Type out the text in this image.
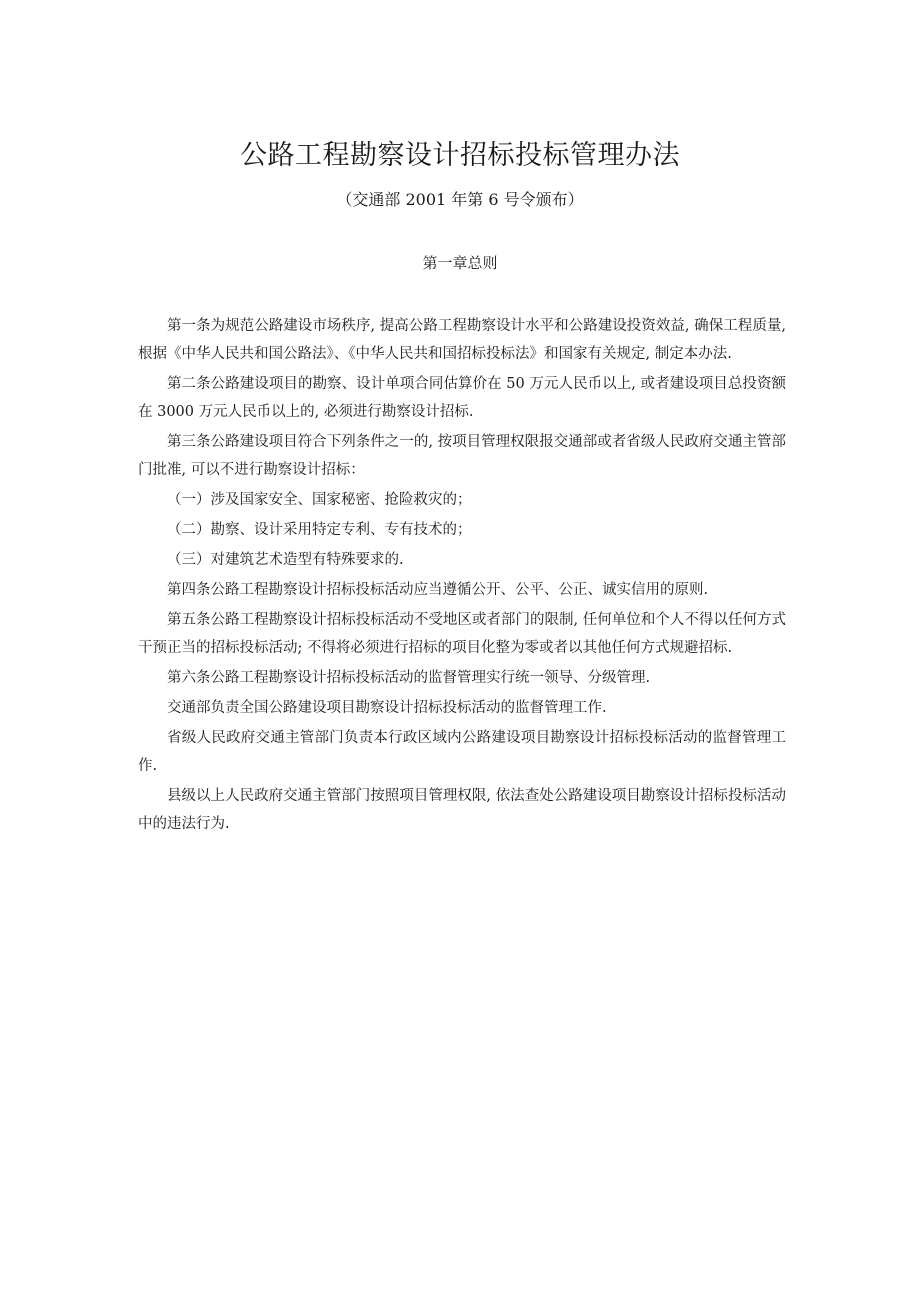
公路工程勘察设计招标投标管理办法
（交通部 2001 年第 6 号令颁布）
第一章总则

第一条为规范公路建设市场秩序, 提高公路工程勘察设计水平和公路建设投资效益, 确保工程质量, 根据《中华人民共和国公路法》、《中华人民共和国招标投标法》和国家有关规定, 制定本办法.

第二条公路建设项目的勘察、设计单项合同估算价在 50 万元人民币以上, 或者建设项目总投资额在 3000 万元人民币以上的, 必须进行勘察设计招标.

第三条公路建设项目符合下列条件之一的, 按项目管理权限报交通部或者省级人民政府交通主管部门批准, 可以不进行勘察设计招标：

（一）涉及国家安全、国家秘密、抢险救灾的；

（二）勘察、设计采用特定专利、专有技术的；

（三）对建筑艺术造型有特殊要求的.

第四条公路工程勘察设计招标投标活动应当遵循公开、公平、公正、诚实信用的原则.

第五条公路工程勘察设计招标投标活动不受地区或者部门的限制, 任何单位和个人不得以任何方式干预正当的招标投标活动; 不得将必须进行招标的项目化整为零或者以其他任何方式规避招标.

第六条公路工程勘察设计招标投标活动的监督管理实行统一领导、分级管理.

交通部负责全国公路建设项目勘察设计招标投标活动的监督管理工作.

省级人民政府交通主管部门负责本行政区域内公路建设项目勘察设计招标投标活动的监督管理工作.

县级以上人民政府交通主管部门按照项目管理权限, 依法查处公路建设项目勘察设计招标投标活动中的违法行为.
